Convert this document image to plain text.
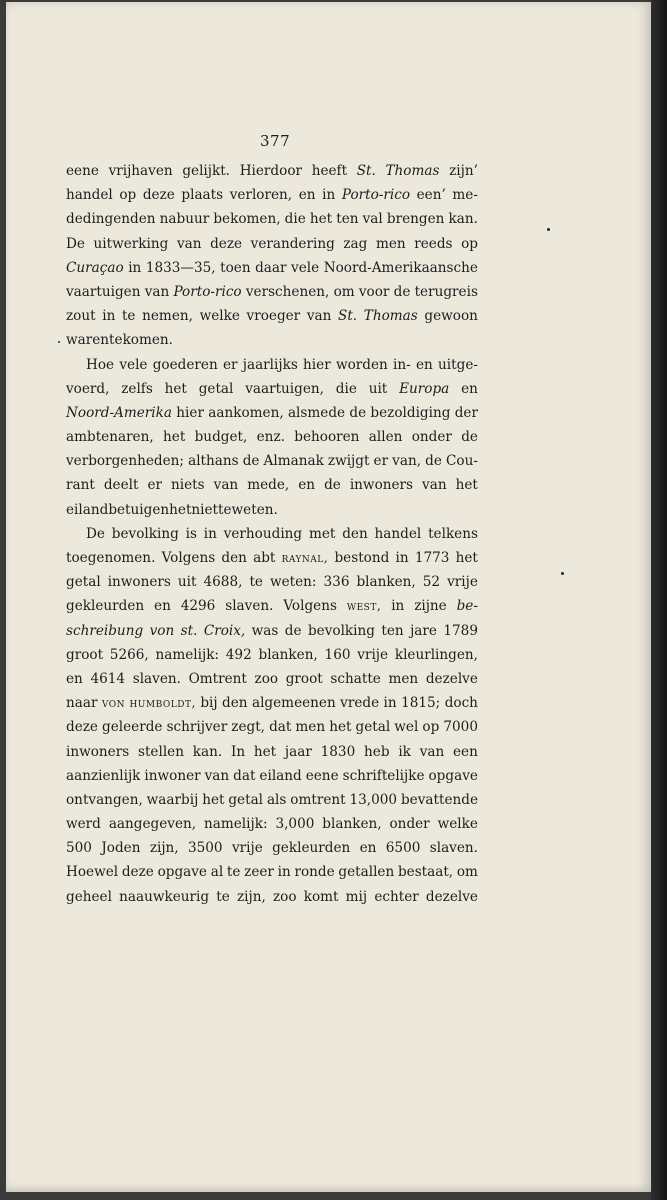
377
eene vrijhaven gelijkt. Hierdoor heeft St. Thomas zijn’
handel op deze plaats verloren, en in Porto-rico een’ me-
dedingenden nabuur bekomen, die het ten val brengen kan.
De uitwerking van deze verandering zag men reeds op
Curaçao in 1833—35, toen daar vele Noord-Amerikaansche
vaartuigen van Porto-rico verschenen, om voor de terugreis
zout in te nemen, welke vroeger van St. Thomas gewoon
waren te komen.
Hoe vele goederen er jaarlijks hier worden in- en uitge-
voerd, zelfs het getal vaartuigen, die uit Europa en
Noord-Amerika hier aankomen, alsmede de bezoldiging der
ambtenaren, het budget, enz. behooren allen onder de
verborgenheden; althans de Almanak zwijgt er van, de Cou-
rant deelt er niets van mede, en de inwoners van het
eiland betuigen het niet te weten.
De bevolking is in verhouding met den handel telkens
toegenomen. Volgens den abt raynal, bestond in 1773 het
getal inwoners uit 4688, te weten: 336 blanken, 52 vrije
gekleurden en 4296 slaven. Volgens west, in zijne be-
schreibung von st. Croix, was de bevolking ten jare 1789
groot 5266, namelijk: 492 blanken, 160 vrije kleurlingen,
en 4614 slaven. Omtrent zoo groot schatte men dezelve
naar von humboldt, bij den algemeenen vrede in 1815; doch
deze geleerde schrijver zegt, dat men het getal wel op 7000
inwoners stellen kan. In het jaar 1830 heb ik van een
aanzienlijk inwoner van dat eiland eene schriftelijke opgave
ontvangen, waarbij het getal als omtrent 13,000 bevattende
werd aangegeven, namelijk: 3,000 blanken, onder welke
500 Joden zijn, 3500 vrije gekleurden en 6500 slaven.
Hoewel deze opgave al te zeer in ronde getallen bestaat, om
geheel naauwkeurig te zijn, zoo komt mij echter dezelve
